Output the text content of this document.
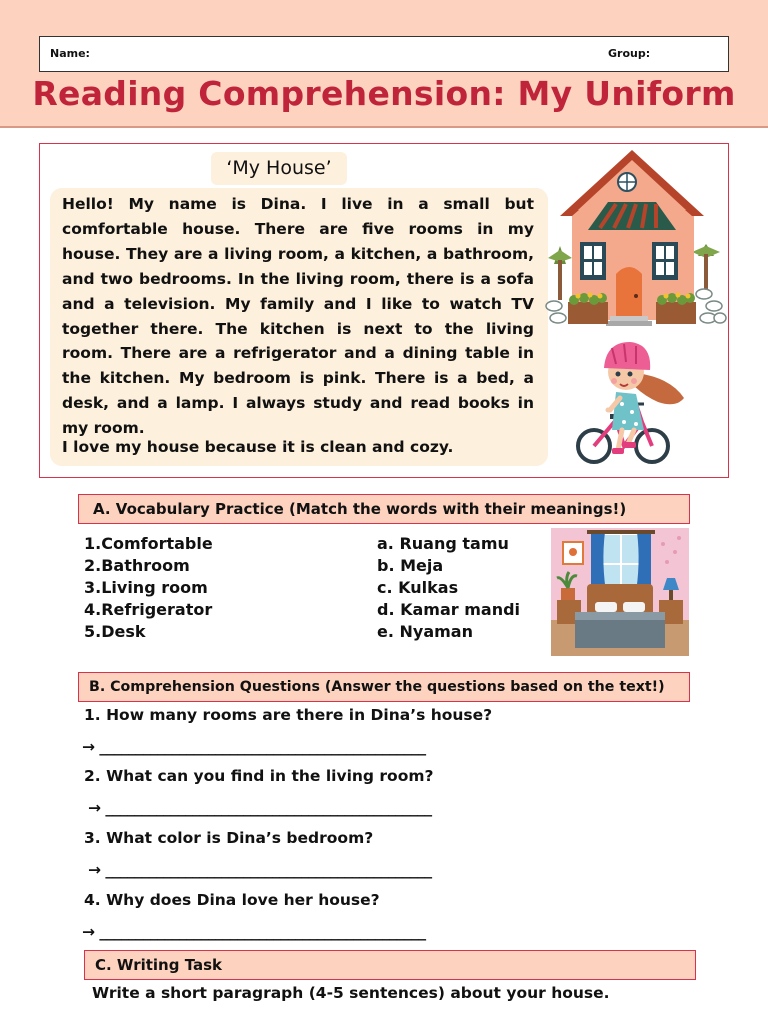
Name:	Group:
Reading Comprehension: My Uniform
‘My House’
Hello! My name is Dina. I live in a small but comfortable house. There are five rooms in my house. They are a living room, a kitchen, a bathroom, and two bedrooms. In the living room, there is a sofa and a television. My family and I like to watch TV together there. The kitchen is next to the living room. There are a refrigerator and a dining table in the kitchen. My bedroom is pink. There is a bed, a desk, and a lamp. I always study and read books in my room.
I love my house because it is clean and cozy.
A. Vocabulary Practice (Match the words with their meanings!)
1.Comfortable
2.Bathroom
3.Living room
4.Refrigerator
5.Desk
a. Ruang tamu
b. Meja
c. Kulkas
d. Kamar mandi
e. Nyaman
B. Comprehension Questions (Answer the questions based on the text!)
1. How many rooms are there in Dina’s house?
→ _____________________________________________
2. What can you find in the living room?
→ _____________________________________________
3. What color is Dina’s bedroom?
→ _____________________________________________
4. Why does Dina love her house?
→ _____________________________________________
C. Writing Task
Write a short paragraph (4-5 sentences) about your house.
